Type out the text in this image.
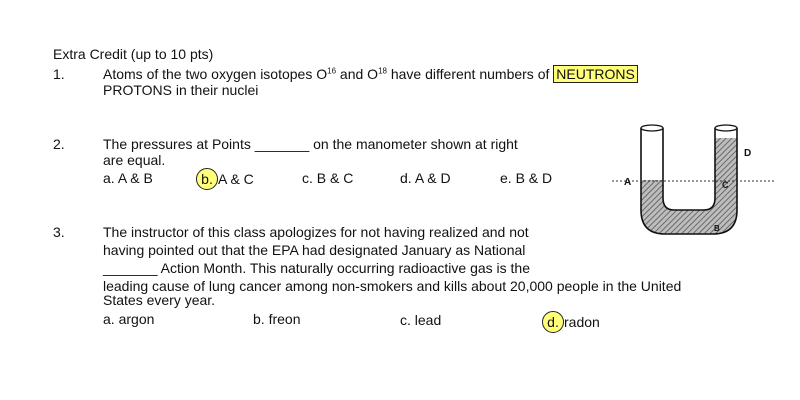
Extra Credit (up to 10 pts)
1.	Atoms of the two oxygen isotopes $O^{16}$ and $O^{18}$ have different numbers of NEUTRONS
PROTONS in their nuclei
2.	The pressures at Points _______ on the manometer shown at right
are equal.
a. A & B	b. A & C	c. B & C	d. A & D	e. B & D	A
B
C
D
3.	The instructor of this class apologizes for not having realized and not
having pointed out that the EPA had designated January as National
_______ Action Month. This naturally occurring radioactive gas is the
leading cause of lung cancer among non-smokers and kills about 20,000 people in the United
States every year.
a. argon	b. freon	c. lead	d. radon
